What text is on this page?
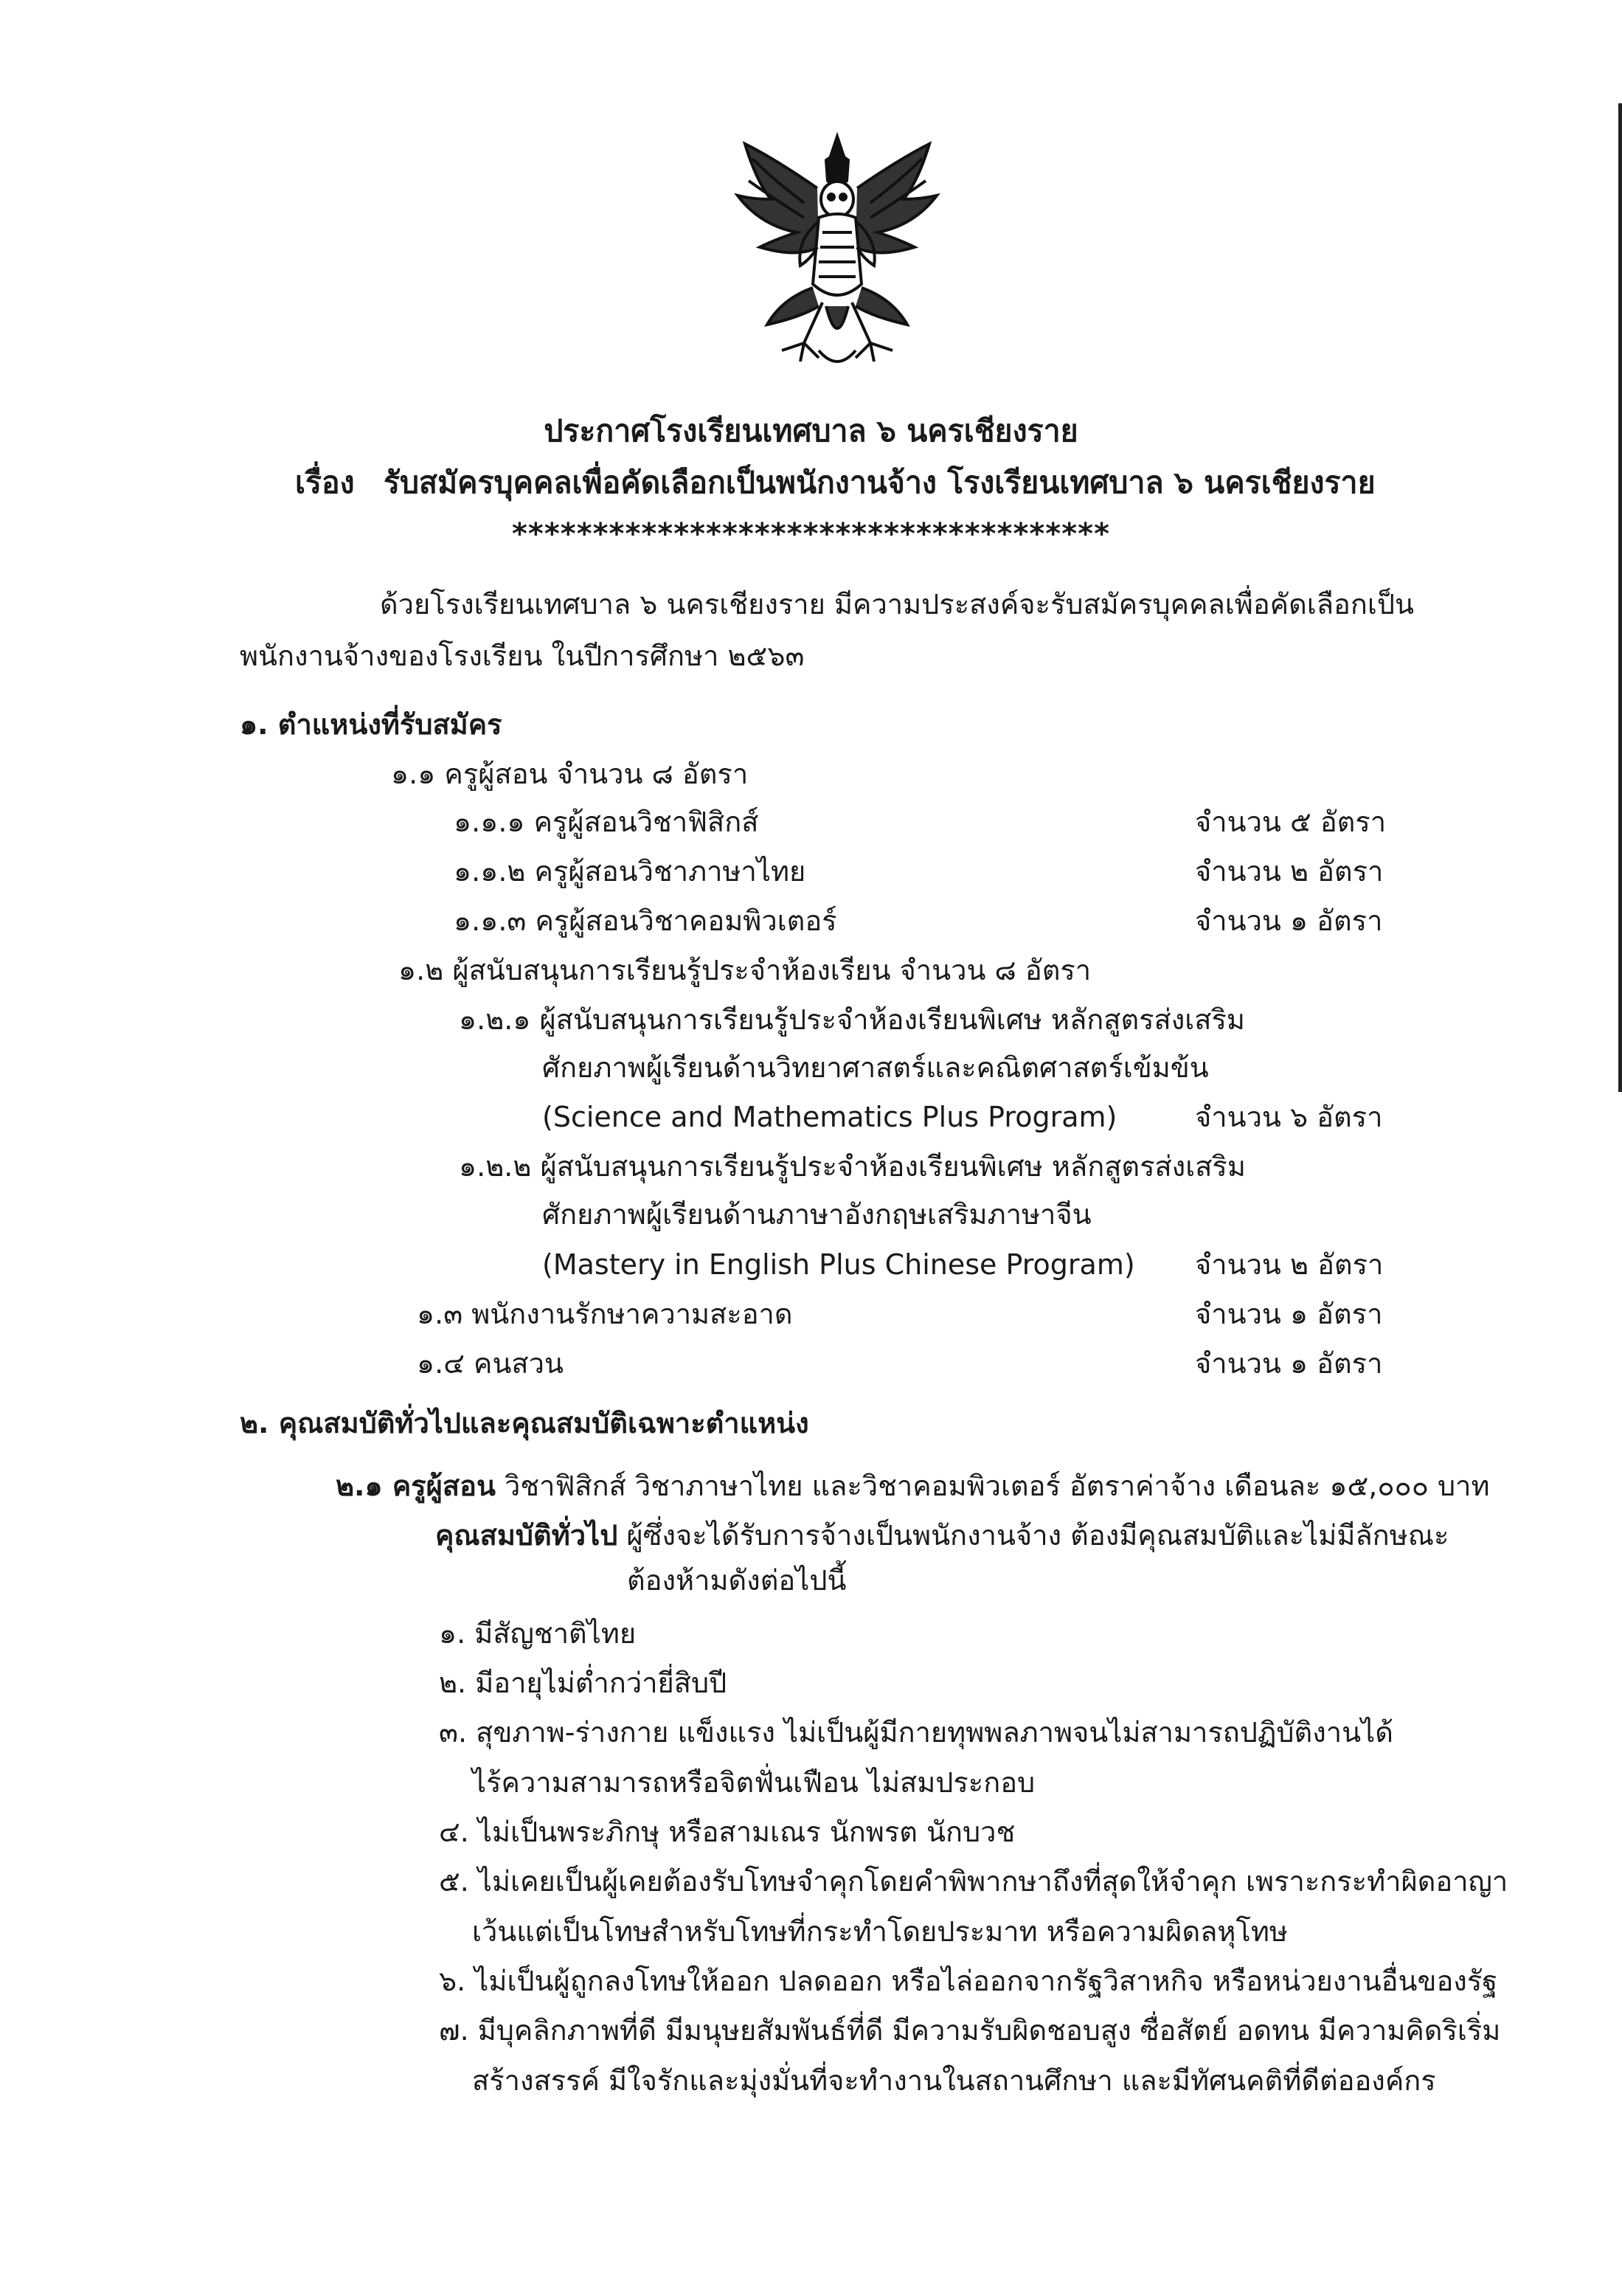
ประกาศโรงเรียนเทศบาล ๖ นครเชียงราย
เรื่อง รับสมัครบุคคลเพื่อคัดเลือกเป็นพนักงานจ้าง โรงเรียนเทศบาล ๖ นครเชียงราย
*************************************
ด้วยโรงเรียนเทศบาล ๖ นครเชียงราย มีความประสงค์จะรับสมัครบุคคลเพื่อคัดเลือกเป็น
พนักงานจ้างของโรงเรียน ในปีการศึกษา ๒๕๖๓
๑. ตำแหน่งที่รับสมัคร
๑.๑ ครูผู้สอน จำนวน ๘ อัตรา
๑.๑.๑ ครูผู้สอนวิชาฟิสิกส์	จำนวน ๕ อัตรา
๑.๑.๒ ครูผู้สอนวิชาภาษาไทย	จำนวน ๒ อัตรา
๑.๑.๓ ครูผู้สอนวิชาคอมพิวเตอร์	จำนวน ๑ อัตรา
๑.๒ ผู้สนับสนุนการเรียนรู้ประจำห้องเรียน จำนวน ๘ อัตรา
๑.๒.๑ ผู้สนับสนุนการเรียนรู้ประจำห้องเรียนพิเศษ หลักสูตรส่งเสริม
ศักยภาพผู้เรียนด้านวิทยาศาสตร์และคณิตศาสตร์เข้มข้น
(Science and Mathematics Plus Program)	จำนวน ๖ อัตรา
๑.๒.๒ ผู้สนับสนุนการเรียนรู้ประจำห้องเรียนพิเศษ หลักสูตรส่งเสริม
ศักยภาพผู้เรียนด้านภาษาอังกฤษเสริมภาษาจีน
(Mastery in English Plus Chinese Program) จำนวน ๒ อัตรา
๑.๓ พนักงานรักษาความสะอาด	จำนวน ๑ อัตรา
๑.๔ คนสวน	จำนวน ๑ อัตรา
๒. คุณสมบัติทั่วไปและคุณสมบัติเฉพาะตำแหน่ง
๒.๑ ครูผู้สอน วิชาฟิสิกส์ วิชาภาษาไทย และวิชาคอมพิวเตอร์ อัตราค่าจ้าง เดือนละ ๑๕,๐๐๐ บาท
คุณสมบัติทั่วไป ผู้ซึ่งจะได้รับการจ้างเป็นพนักงานจ้าง ต้องมีคุณสมบัติและไม่มีลักษณะ
ต้องห้ามดังต่อไปนี้
๑. มีสัญชาติไทย
๒. มีอายุไม่ต่ำกว่ายี่สิบปี
๓. สุขภาพ-ร่างกาย แข็งแรง ไม่เป็นผู้มีกายทุพพลภาพจนไม่สามารถปฏิบัติงานได้
ไร้ความสามารถหรือจิตฟั่นเฟือน ไม่สมประกอบ
๔. ไม่เป็นพระภิกษุ หรือสามเณร นักพรต นักบวช
๕. ไม่เคยเป็นผู้เคยต้องรับโทษจำคุกโดยคำพิพากษาถึงที่สุดให้จำคุก เพราะกระทำผิดอาญา
เว้นแต่เป็นโทษสำหรับโทษที่กระทำโดยประมาท หรือความผิดลหุโทษ
๖. ไม่เป็นผู้ถูกลงโทษให้ออก ปลดออก หรือไล่ออกจากรัฐวิสาหกิจ หรือหน่วยงานอื่นของรัฐ
๗. มีบุคลิกภาพที่ดี มีมนุษยสัมพันธ์ที่ดี มีความรับผิดชอบสูง ซื่อสัตย์ อดทน มีความคิดริเริ่ม
สร้างสรรค์ มีใจรักและมุ่งมั่นที่จะทำงานในสถานศึกษา และมีทัศนคติที่ดีต่อองค์กร
